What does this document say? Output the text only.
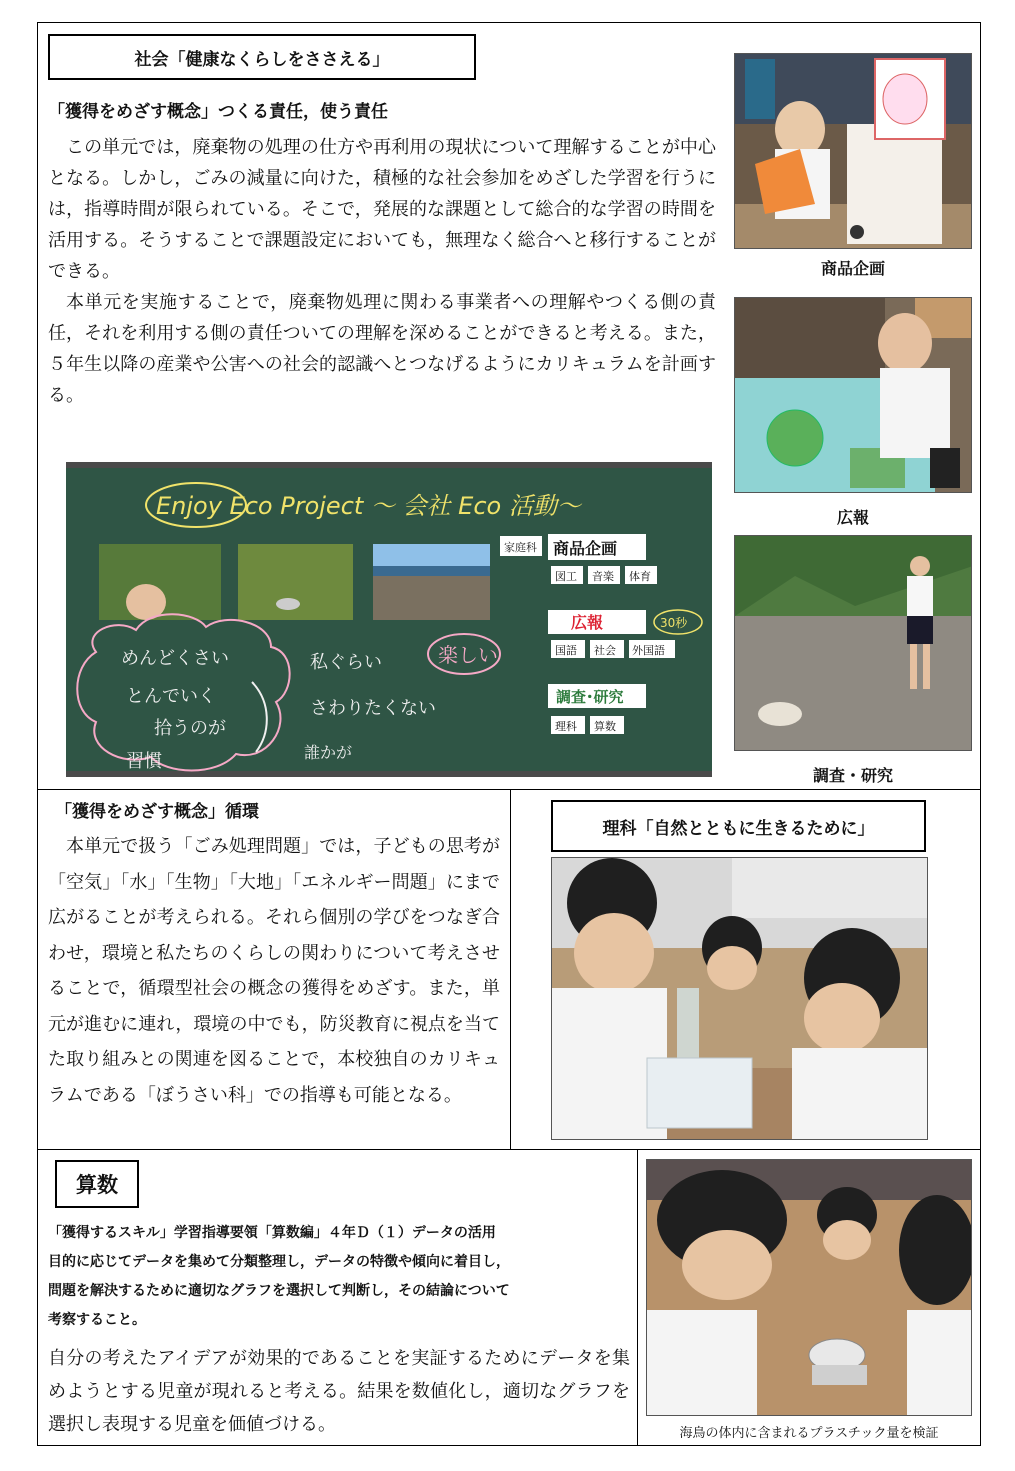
社会「健康なくらしをささえる」
「獲得をめざす概念」つくる責任，使う責任

この単元では，廃棄物の処理の仕方や再利用の現状について理解することが中心となる。しかし，ごみの減量に向けた，積極的な社会参加をめざした学習を行うには，指導時間が限られている。そこで，発展的な課題として総合的な学習の時間を活用する。そうすることで課題設定においても，無理なく総合へと移行することができる。

本単元を実施することで，廃棄物処理に関わる事業者への理解やつくる側の責任，それを利用する側の責任ついての理解を深めることができると考える。また，５年生以降の産業や公害への社会的認識へとつなげるようにカリキュラムを計画する。

商品企画
広報
調査・研究
Enjoy Eco Project ～ 会社 Eco 活動～
家庭科 商品企画
図工 音楽 体育
広報	30秒
国語 社会 外国語
調査･研究
理科 算数
めんどくさい
とんでいく
拾うのが
習慣
私ぐらい
さわりたくない
誰かが
楽しい
「獲得をめざす概念」循環

本単元で扱う「ごみ処理問題」では，子どもの思考が「空気」「水」「生物」「大地」「エネルギー問題」にまで広がることが考えられる。それら個別の学びをつなぎ合わせ，環境と私たちのくらしの関わりについて考えさせることで，循環型社会の概念の獲得をめざす。また，単元が進むに連れ，環境の中でも，防災教育に視点を当てた取り組みとの関連を図ることで，本校独自のカリキュラムである「ぼうさい科」での指導も可能となる。

理科「自然とともに生きるために」
算数
「獲得するスキル」学習指導要領「算数編」４年Ｄ（１）データの活用
目的に応じてデータを集めて分類整理し，データの特徴や傾向に着目し，
問題を解決するために適切なグラフを選択して判断し，その結論について
考察すること。

自分の考えたアイデアが効果的であることを実証するためにデータを集めようとする児童が現れると考える。結果を数値化し，適切なグラフを選択し表現する児童を価値づける。	海鳥の体内に含まれるプラスチック量を検証
